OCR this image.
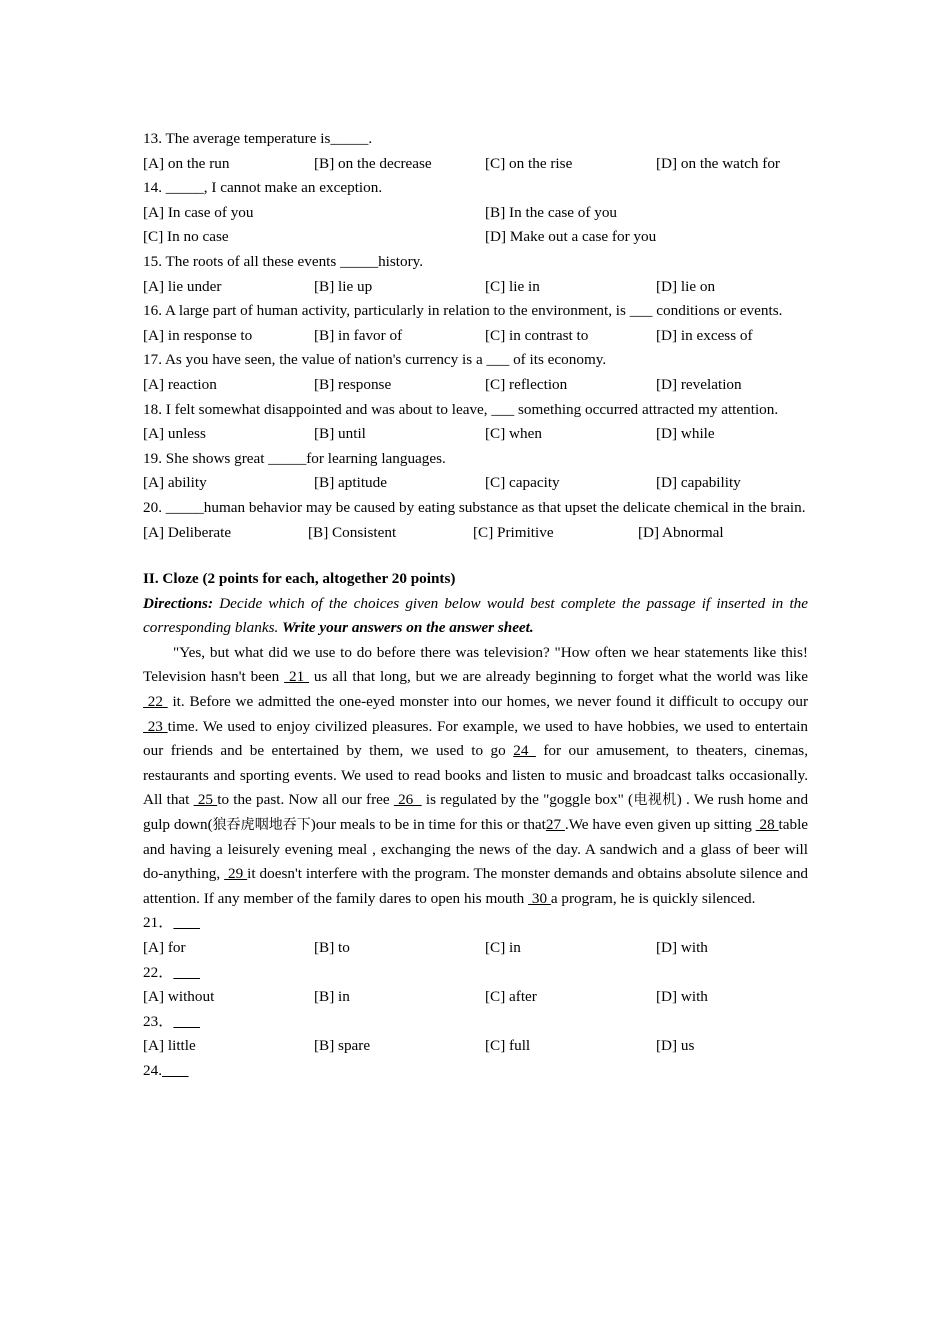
13. The average temperature is_____.

[A] on the run	[B] on the decrease	[C] on the rise	[D] on the watch for

14. _____, I cannot make an exception.

[A] In case of you	[B] In the case of you
[C] In no case	[D] Make out a case for you

15. The roots of all these events _____history.

[A] lie under	[B] lie up	[C] lie in	[D] lie on

16. A large part of human activity, particularly in relation to the environment, is ___ conditions or events.

[A] in response to	[B] in favor of	[C] in contrast to	[D] in excess of

17. As you have seen, the value of nation's currency is a ___ of its economy.

[A] reaction	[B] response	[C] reflection	[D] revelation

18. I felt somewhat disappointed and was about to leave, ___ something occurred attracted my attention.

[A] unless	[B] until	[C] when	[D] while

19. She shows great _____for learning languages.

[A] ability	[B] aptitude	[C] capacity	[D] capability

20. _____human behavior may be caused by eating substance as that upset the delicate chemical in the brain.

[A] Deliberate	[B] Consistent	[C] Primitive	[D] Abnormal

II. Cloze (2 points for each, altogether 20 points)

Directions: Decide which of the choices given below would best complete the passage if inserted in the corresponding blanks. Write your answers on the answer sheet.

"Yes, but what did we use to do before there was television? "How often we hear statements like this! Television hasn't been  21  us all that long, but we are already beginning to forget what the world was like  22  it. Before we admitted the one-eyed monster into our homes, we never found it difficult to occupy our  23 time. We used to enjoy civilized pleasures. For example, we used to have hobbies, we used to entertain our friends and be entertained by them, we used to go 24  for our amusement, to theaters, cinemas, restaurants and sporting events. We used to read books and listen to music and broadcast talks occasionally. All that  25 to the past. Now all our free  26   is regulated by the "goggle box" (电视机) . We rush home and gulp down(狼吞虎咽地吞下)our meals to be in time for this or that27 .We have even given up sitting  28 table and having a leisurely evening meal , exchanging the news of the day. A sandwich and a glass of beer will do-anything,  29 it doesn't interfere with the program. The monster demands and obtains absolute silence and attention. If any member of the family dares to open his mouth  30 a program, he is quickly silenced.

21．

[A] for	[B] to	[C] in	[D] with

22．

[A] without	[B] in	[C] after	[D] with

23．

[A] little	[B] spare	[C] full	[D] us

24.
